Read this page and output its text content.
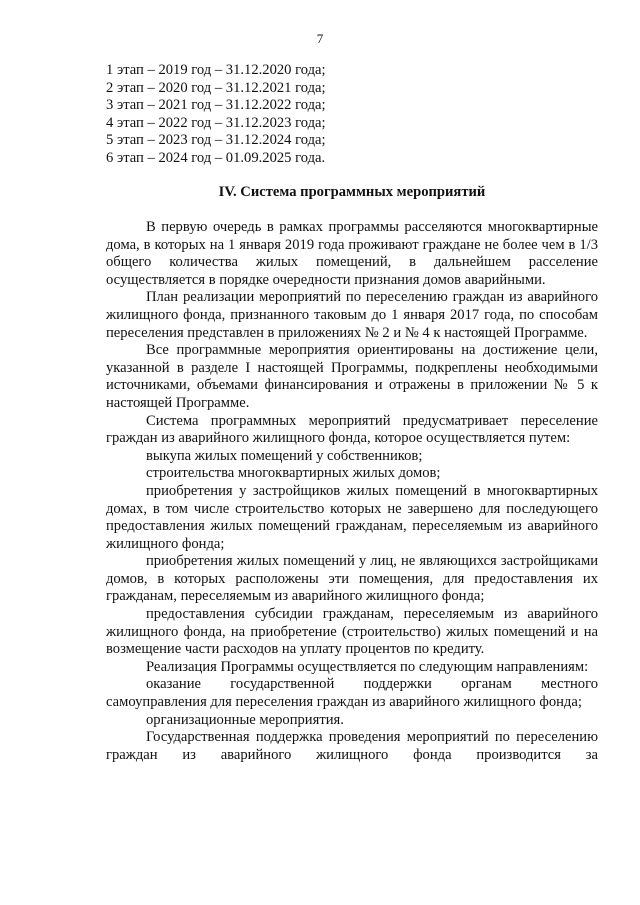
7
1 этап – 2019 год – 31.12.2020 года;
2 этап – 2020 год – 31.12.2021 года;
3 этап – 2021 год – 31.12.2022 года;
4 этап – 2022 год – 31.12.2023 года;
5 этап – 2023 год – 31.12.2024 года;
6 этап – 2024 год – 01.09.2025 года.
IV. Система программных мероприятий

В первую очередь в рамках программы расселяются многоквартирные дома, в которых на 1 января 2019 года проживают граждане не более чем в 1/3 общего количества жилых помещений, в дальнейшем расселение осуществляется в порядке очередности признания домов аварийными.

План реализации мероприятий по переселению граждан из аварийного жилищного фонда, признанного таковым до 1 января 2017 года, по способам переселения представлен в приложениях № 2 и № 4 к настоящей Программе.

Все программные мероприятия ориентированы на достижение цели, указанной в разделе I настоящей Программы, подкреплены необходимыми источниками, объемами финансирования и отражены в приложении № 5 к настоящей Программе.

Система программных мероприятий предусматривает переселение граждан из аварийного жилищного фонда, которое осуществляется путем:

выкупа жилых помещений у собственников;

строительства многоквартирных жилых домов;

приобретения у застройщиков жилых помещений в многоквартирных домах, в том числе строительство которых не завершено для последующего предоставления жилых помещений гражданам, переселяемым из аварийного жилищного фонда;

приобретения жилых помещений у лиц, не являющихся застройщиками домов, в которых расположены эти помещения, для предоставления их гражданам, переселяемым из аварийного жилищного фонда;

предоставления субсидии гражданам, переселяемым из аварийного жилищного фонда, на приобретение (строительство) жилых помещений и на возмещение части расходов на уплату процентов по кредиту.

Реализация Программы осуществляется по следующим направлениям:

оказание государственной поддержки органам местного самоуправления для переселения граждан из аварийного жилищного фонда;

организационные мероприятия.

Государственная поддержка проведения мероприятий по переселению граждан из аварийного жилищного фонда производится за
